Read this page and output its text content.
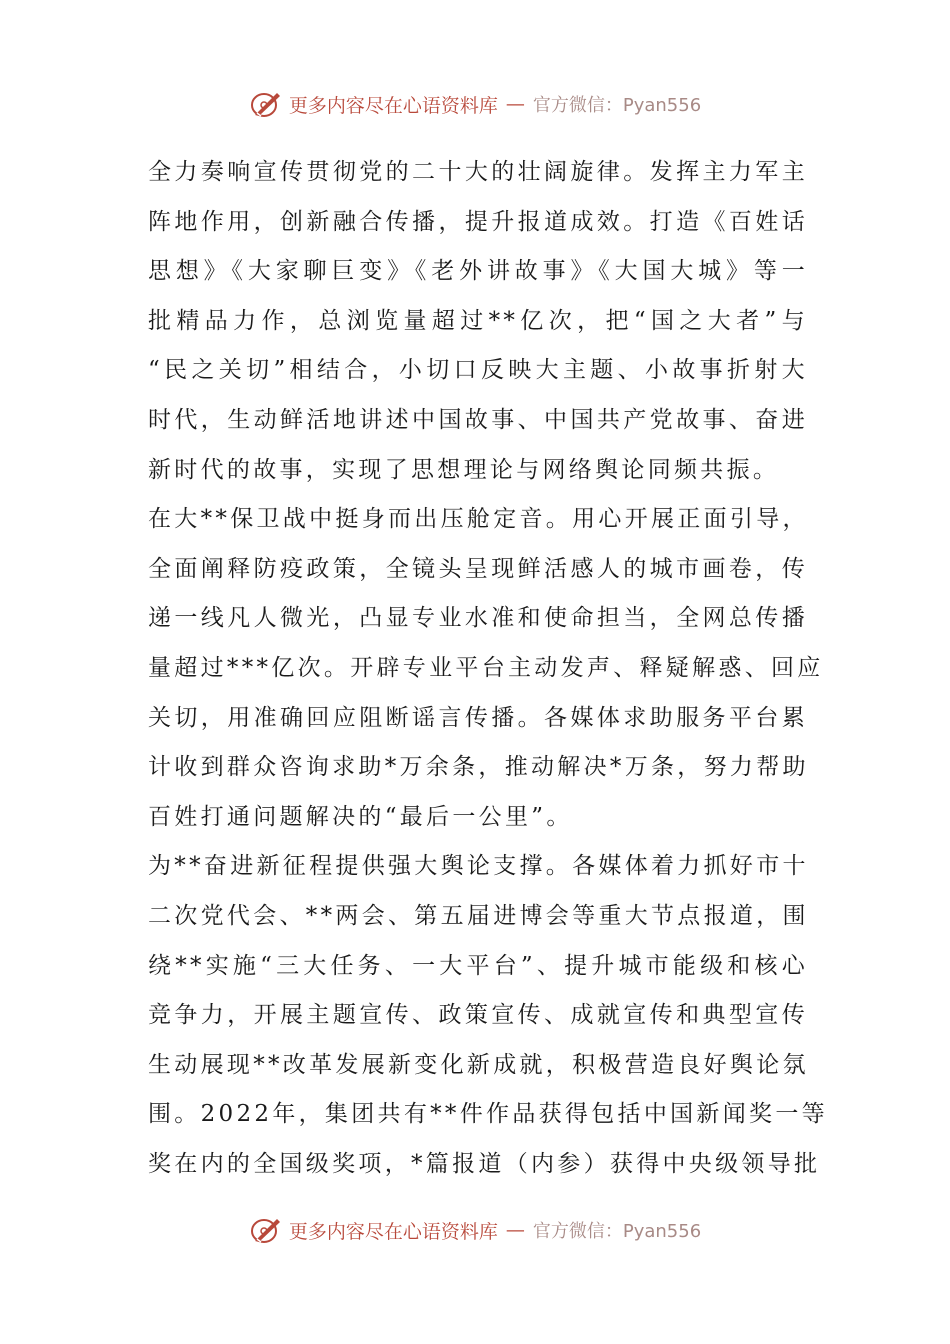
更多内容尽在心语资料库 — 官方微信：Pyan556

全力奏响宣传贯彻党的二十大的壮阔旋律。发挥主力军主
阵地作用，创新融合传播，提升报道成效。打造《百姓话
思想》《大家聊巨变》《老外讲故事》《大国大城》等一
批精品力作，总浏览量超过**亿次，把“国之大者”与
“民之关切”相结合，小切口反映大主题、小故事折射大
时代，生动鲜活地讲述中国故事、中国共产党故事、奋进
新时代的故事，实现了思想理论与网络舆论同频共振。

在大**保卫战中挺身而出压舱定音。用心开展正面引导，
全面阐释防疫政策，全镜头呈现鲜活感人的城市画卷，传
递一线凡人微光，凸显专业水准和使命担当，全网总传播
量超过***亿次。开辟专业平台主动发声、释疑解惑、回应
关切，用准确回应阻断谣言传播。各媒体求助服务平台累
计收到群众咨询求助*万余条，推动解决*万条，努力帮助
百姓打通问题解决的“最后一公里”。

为**奋进新征程提供强大舆论支撑。各媒体着力抓好市十
二次党代会、**两会、第五届进博会等重大节点报道，围
绕**实施“三大任务、一大平台”、提升城市能级和核心
竞争力，开展主题宣传、政策宣传、成就宣传和典型宣传
生动展现**改革发展新变化新成就，积极营造良好舆论氛
围。2022年，集团共有**件作品获得包括中国新闻奖一等
奖在内的全国级奖项，*篇报道（内参）获得中央级领导批

更多内容尽在心语资料库 — 官方微信：Pyan556
